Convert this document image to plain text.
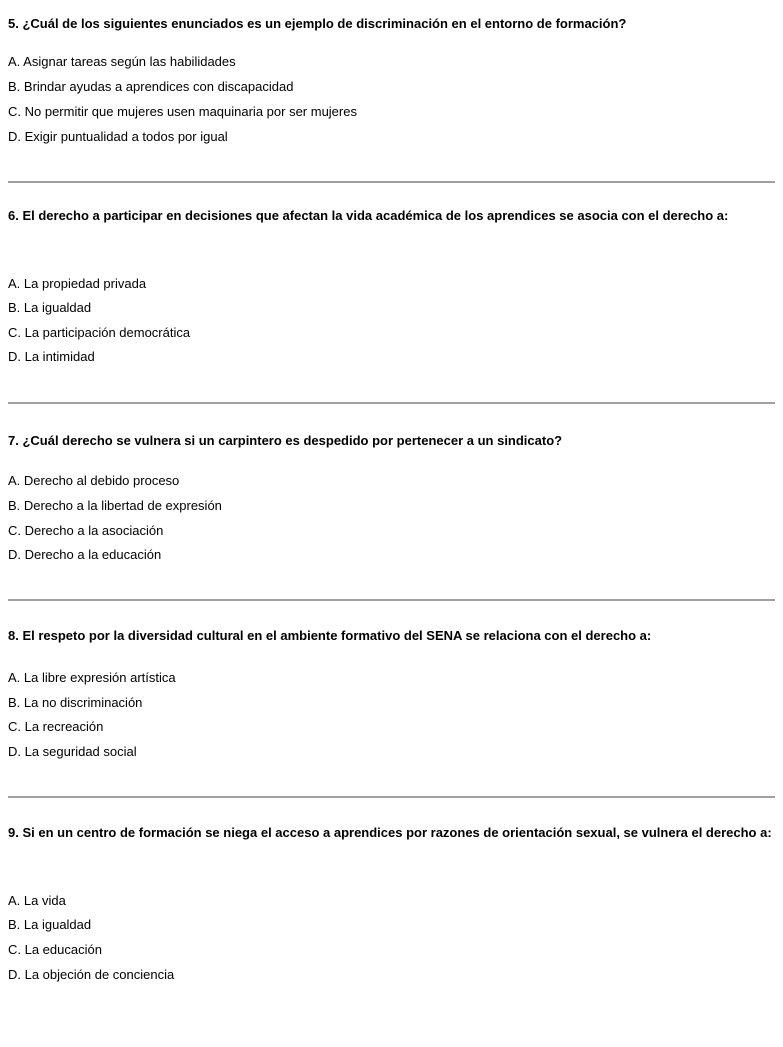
5. ¿Cuál de los siguientes enunciados es un ejemplo de discriminación en el entorno de formación?
A. Asignar tareas según las habilidades
B. Brindar ayudas a aprendices con discapacidad
C. No permitir que mujeres usen maquinaria por ser mujeres
D. Exigir puntualidad a todos por igual
6. El derecho a participar en decisiones que afectan la vida académica de los aprendices se asocia con el derecho a:
A. La propiedad privada
B. La igualdad
C. La participación democrática
D. La intimidad
7. ¿Cuál derecho se vulnera si un carpintero es despedido por pertenecer a un sindicato?
A. Derecho al debido proceso
B. Derecho a la libertad de expresión
C. Derecho a la asociación
D. Derecho a la educación
8. El respeto por la diversidad cultural en el ambiente formativo del SENA se relaciona con el derecho a:
A. La libre expresión artística
B. La no discriminación
C. La recreación
D. La seguridad social
9. Si en un centro de formación se niega el acceso a aprendices por razones de orientación sexual, se vulnera el derecho a:
A. La vida
B. La igualdad
C. La educación
D. La objeción de conciencia
